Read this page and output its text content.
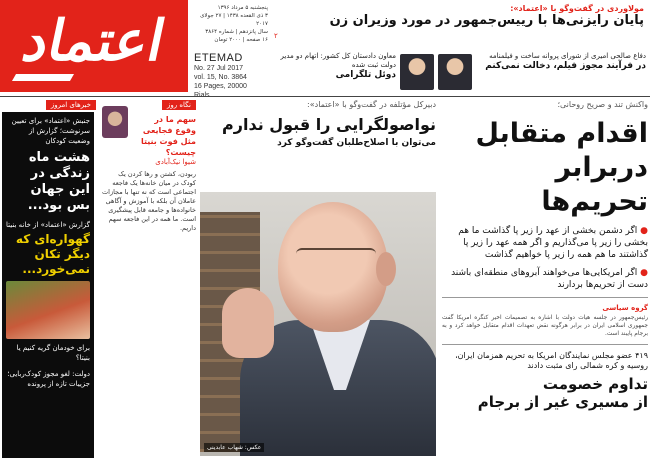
اعتماد	ETEMAD
No. 27 Jul 2017
vol. 15, No. 3864
16 Pages, 20000
پنجشنبه ۵ مرداد ۱۳۹۶
۳ ذی القعده ۱۴۳۸ | ۲۷ جولای ۲۰۱۷
سال پانزدهم | شماره ۳۸۶۴
۱۶ صفحه | ۲۰۰۰ تومان
مولاوردی در گفت‌وگو با «اعتماد»:
پایان رایزنی‌ها با رییس‌جمهور در مورد وزیران زن
۲
دفاع صالحی امیری از شورای پروانه ساخت و فیلمنامه
در فرآیند مجوز فیلم، دخالت نمی‌کنم
معاون دادستان کل کشور: اتهام دو مدیر دولت ثبت شده
دوئل تلگرامی
خبرهای امروز
جنبش «اعتماد» برای تعیین سرنوشت؛ گزارش از وضعیت کودکان
هشت ماه زندگی در این جهان بس بود...
گزارش «اعتماد» از خانه بنیتا
گهواره‌ای که دیگر تکان نمی‌خورد...
برای خودمان گریه کنیم یا بنیتا؟
دولت: لغو مجوز کودک‌ربایی؛ جزییات تازه از پرونده
نگاه روز
سهم ما در وقوع فجایعی مثل فوت بنیتا چیست؟
شیوا نیک‌آبادی
ربودن، کشتن و رها کردن یک کودک در میان خانه‌ها یک فاجعه اجتماعی است که نه تنها با مجازات عاملان آن بلکه با آموزش و آگاهی خانواده‌ها و جامعه قابل پیشگیری است. ما همه در این فاجعه سهم داریم.
دبیرکل مؤتلفه در گفت‌وگو با «اعتماد»:
نواصولگرایی را قبول ندارم
می‌توان با اصلاح‌طلبان گفت‌وگو کرد
عکس: شهاب عابدینی
واکنش تند و صریح روحانی؛
اقدام متقابل دربرابر تحریم‌ها
● اگر دشمن بخشی از عهد را زیر پا گذاشت ما هم بخشی را زیر پا می‌گذاریم و اگر همه عهد را زیر پا گذاشتند ما هم همه را زیر پا خواهیم گذاشت
● اگر امریکایی‌ها می‌خواهند آبروهای منطقه‌ای باشند دست از تحریم‌ها بردارند
گروه سیاسی
رئیس‌جمهور در جلسه هیات دولت با اشاره به تصمیمات اخیر کنگره امریکا گفت جمهوری اسلامی ایران در برابر هرگونه نقض تعهدات اقدام متقابل خواهد کرد و به برجام پایبند است.
۴۱۹ عضو مجلس نمایندگان امریکا به تحریم همزمان ایران، روسیه و کره شمالی رای مثبت دادند
تداوم خصومت
از مسیری غیر از برجام
